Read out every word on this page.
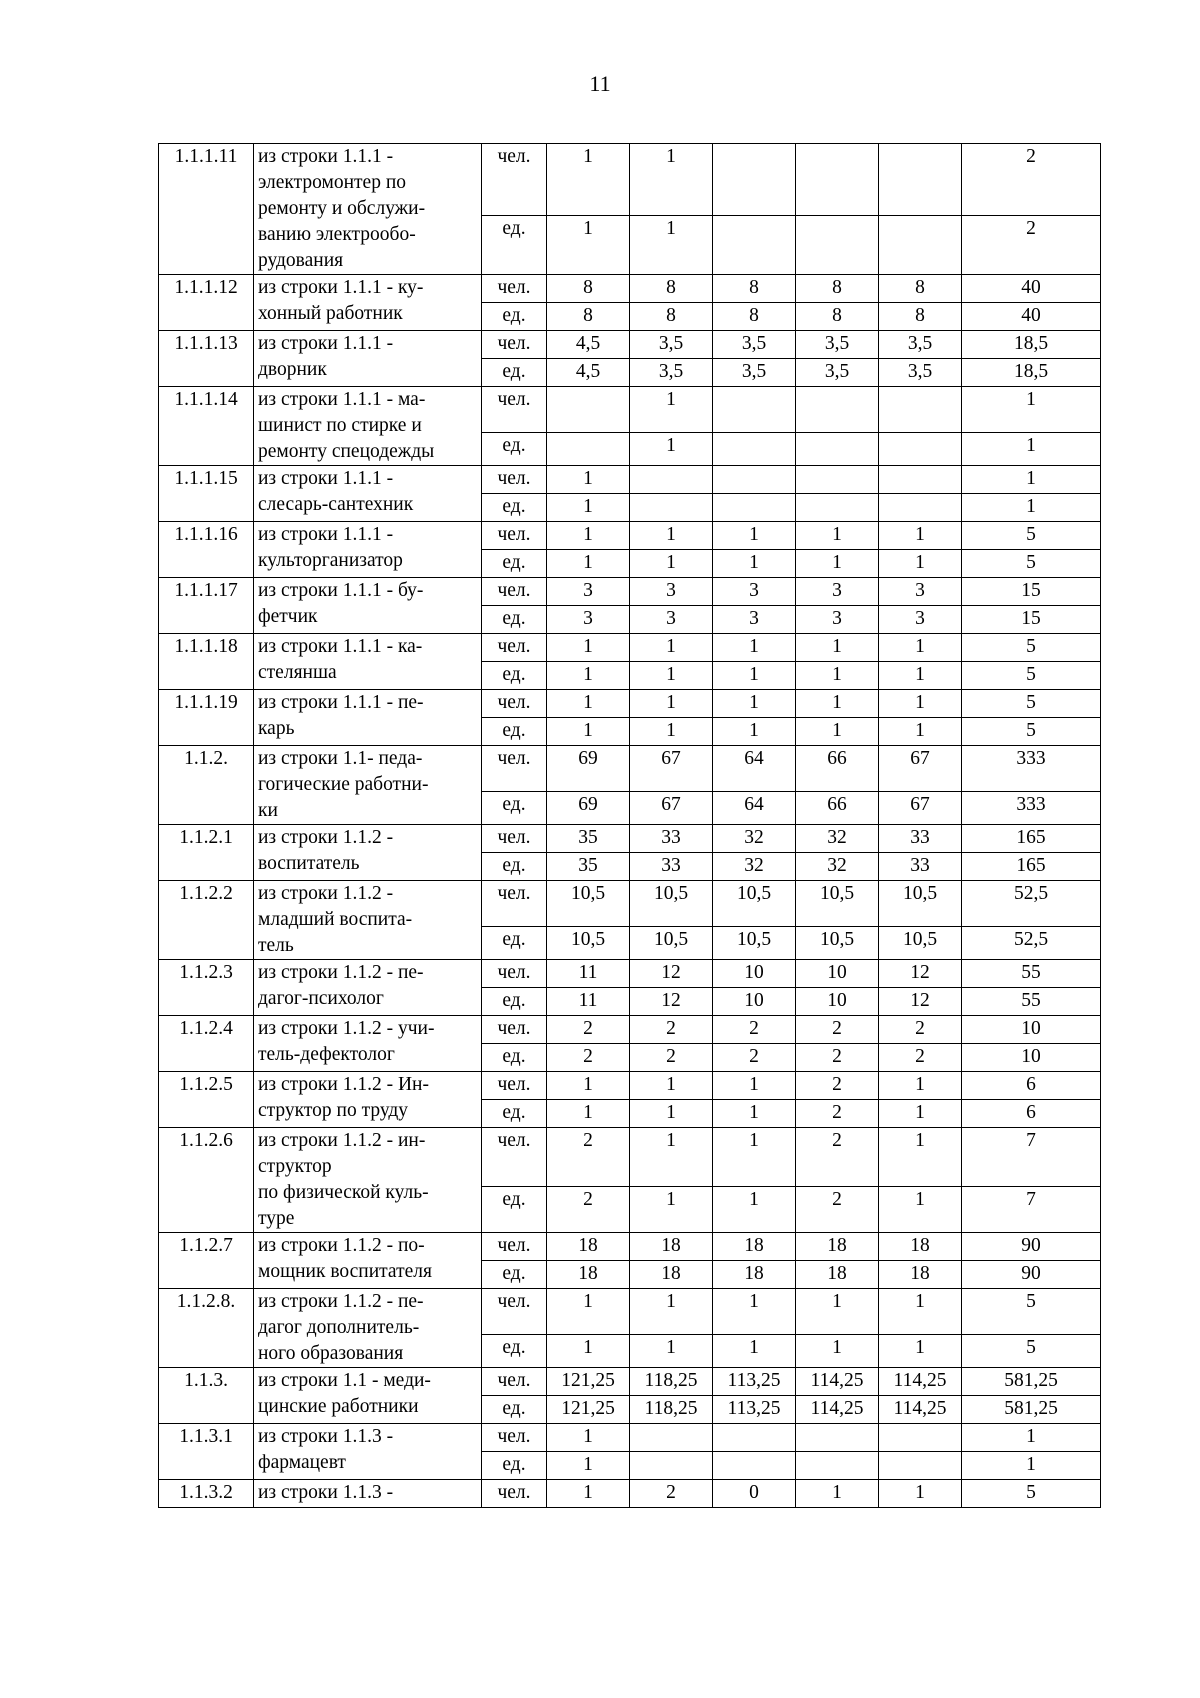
11
1.1.1.11	из строки 1.1.1 -
электромонтер по
ремонту и обслужи-
ванию электрообо-
рудования	чел.	1	1				2
		ед.	1	1				2
1.1.1.12	из строки 1.1.1 - ку-
хонный работник	чел.	8	8	8	8	8	40
		ед.	8	8	8	8	8	40
1.1.1.13	из строки 1.1.1 -
дворник	чел.	4,5	3,5	3,5	3,5	3,5	18,5
		ед.	4,5	3,5	3,5	3,5	3,5	18,5
1.1.1.14	из строки 1.1.1 - ма-
шинист по стирке и
ремонту спецодежды	чел.		1				1
		ед.		1				1
1.1.1.15	из строки 1.1.1 -
слесарь-сантехник	чел.	1					1
		ед.	1					1
1.1.1.16	из строки 1.1.1 -
культорганизатор	чел.	1	1	1	1	1	5
		ед.	1	1	1	1	1	5
1.1.1.17	из строки 1.1.1 - бу-
фетчик	чел.	3	3	3	3	3	15
		ед.	3	3	3	3	3	15
1.1.1.18	из строки 1.1.1 - ка-
стелянша	чел.	1	1	1	1	1	5
		ед.	1	1	1	1	1	5
1.1.1.19	из строки 1.1.1 - пе-
карь	чел.	1	1	1	1	1	5
		ед.	1	1	1	1	1	5
1.1.2.	из строки 1.1- педа-
гогические работни-
ки	чел.	69	67	64	66	67	333
		ед.	69	67	64	66	67	333
1.1.2.1	из строки 1.1.2 -
воспитатель	чел.	35	33	32	32	33	165
		ед.	35	33	32	32	33	165
1.1.2.2	из строки 1.1.2 -
младший воспита-
тель	чел.	10,5	10,5	10,5	10,5	10,5	52,5
		ед.	10,5	10,5	10,5	10,5	10,5	52,5
1.1.2.3	из строки 1.1.2 - пе-
дагог-психолог	чел.	11	12	10	10	12	55
		ед.	11	12	10	10	12	55
1.1.2.4	из строки 1.1.2 - учи-
тель-дефектолог	чел.	2	2	2	2	2	10
		ед.	2	2	2	2	2	10
1.1.2.5	из строки 1.1.2 - Ин-
структор по труду	чел.	1	1	1	2	1	6
		ед.	1	1	1	2	1	6
1.1.2.6	из строки 1.1.2 - ин-
структор
по физической куль-
туре	чел.	2	1	1	2	1	7
		ед.	2	1	1	2	1	7
1.1.2.7	из строки 1.1.2 - по-
мощник воспитателя	чел.	18	18	18	18	18	90
		ед.	18	18	18	18	18	90
1.1.2.8.	из строки 1.1.2 - пе-
дагог дополнитель-
ного образования	чел.	1	1	1	1	1	5
		ед.	1	1	1	1	1	5
1.1.3.	из строки 1.1 - меди-
цинские работники	чел.	121,25	118,25	113,25	114,25	114,25	581,25
		ед.	121,25	118,25	113,25	114,25	114,25	581,25
1.1.3.1	из строки 1.1.3 -
фармацевт	чел.	1					1
		ед.	1					1
1.1.3.2	из строки 1.1.3 -	чел.	1	2	0	1	1	5
